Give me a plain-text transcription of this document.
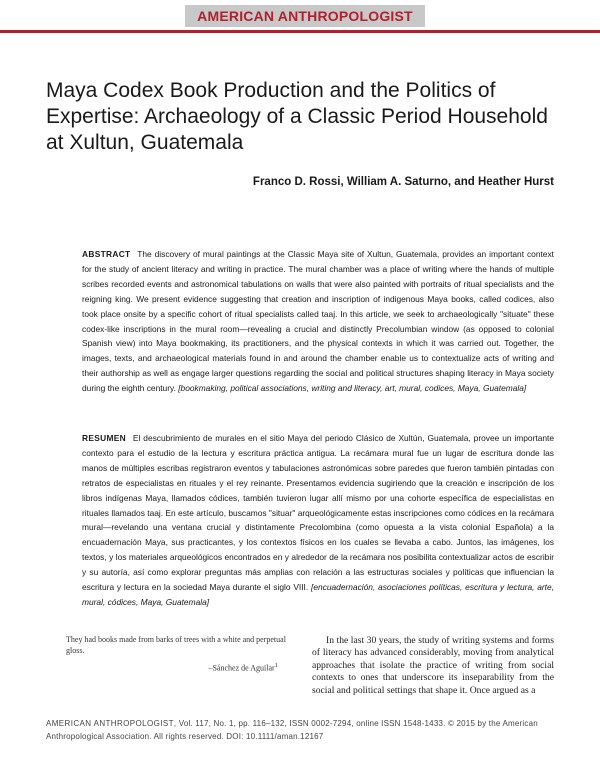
AMERICAN ANTHROPOLOGIST
Maya Codex Book Production and the Politics of Expertise: Archaeology of a Classic Period Household at Xultun, Guatemala
Franco D. Rossi, William A. Saturno, and Heather Hurst

ABSTRACT The discovery of mural paintings at the Classic Maya site of Xultun, Guatemala, provides an important context for the study of ancient literacy and writing in practice. The mural chamber was a place of writing where the hands of multiple scribes recorded events and astronomical tabulations on walls that were also painted with portraits of ritual specialists and the reigning king. We present evidence suggesting that creation and inscription of indigenous Maya books, called codices, also took place onsite by a specific cohort of ritual specialists called taaj. In this article, we seek to archaeologically "situate" these codex-like inscriptions in the mural room—revealing a crucial and distinctly Precolumbian window (as opposed to colonial Spanish view) into Maya bookmaking, its practitioners, and the physical contexts in which it was carried out. Together, the images, texts, and archaeological materials found in and around the chamber enable us to contextualize acts of writing and their authorship as well as engage larger questions regarding the social and political structures shaping literacy in Maya society during the eighth century. [bookmaking, political associations, writing and literacy, art, mural, codices, Maya, Guatemala]

RESUMEN El descubrimiento de murales en el sitio Maya del periodo Clásico de Xultún, Guatemala, provee un importante contexto para el estudio de la lectura y escritura práctica antigua. La recámara mural fue un lugar de escritura donde las manos de múltiples escribas registraron eventos y tabulaciones astronómicas sobre paredes que fueron también pintadas con retratos de especialistas en rituales y el rey reinante. Presentamos evidencia sugiriendo que la creación e inscripción de los libros indígenas Maya, llamados códices, también tuvieron lugar allí mismo por una cohorte específica de especialistas en rituales llamados taaj. En este artículo, buscamos "situar" arqueológicamente estas inscripciones como códices en la recámara mural—revelando una ventana crucial y distintamente Precolombina (como opuesta a la vista colonial Española) a la encuadernación Maya, sus practicantes, y los contextos físicos en los cuales se llevaba a cabo. Juntos, las imágenes, los textos, y los materiales arqueológicos encontrados en y alrededor de la recámara nos posibilita contextualizar actos de escribir y su autoría, así como explorar preguntas más amplias con relación a las estructuras sociales y políticas que influencian la escritura y lectura en la sociedad Maya durante el siglo VIII. [encuadernación, asociaciones políticas, escritura y lectura, arte, mural, códices, Maya, Guatemala]

They had books made from barks of trees with a white and perpetual gloss.
–Sánchez de Aguilar$^1$

In the last 30 years, the study of writing systems and forms of literacy has advanced considerably, moving from analytical approaches that isolate the practice of writing from social contexts to ones that underscore its inseparability from the social and political settings that shape it. Once argued as a

AMERICAN ANTHROPOLOGIST, Vol. 117, No. 1, pp. 116–132, ISSN 0002-7294, online ISSN 1548-1433. © 2015 by the American Anthropological Association. All rights reserved. DOI: 10.1111/aman.12167
